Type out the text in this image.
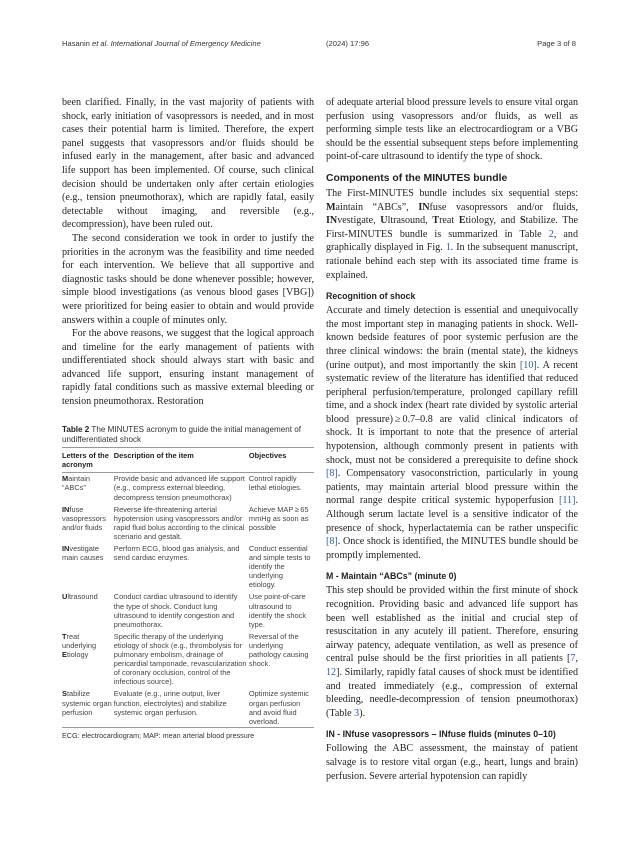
Hasanin et al. International Journal of Emergency Medicine	(2024) 17:96	Page 3 of 8

been clarified. Finally, in the vast majority of patients with shock, early initiation of vasopressors is needed, and in most cases their potential harm is limited. Therefore, the expert panel suggests that vasopressors and/or fluids should be infused early in the management, after basic and advanced life support has been implemented. Of course, such clinical decision should be undertaken only after certain etiologies (e.g., tension pneumothorax), which are rapidly fatal, easily detectable without imaging, and reversible (e.g., decompression), have been ruled out.

The second consideration we took in order to justify the priorities in the acronym was the feasibility and time needed for each intervention. We believe that all supportive and diagnostic tasks should be done whenever possible; however, simple blood investigations (as venous blood gases [VBG]) were prioritized for being easier to obtain and would provide answers within a couple of minutes only.

For the above reasons, we suggest that the logical approach and timeline for the early management of patients with undifferentiated shock should always start with basic and advanced life support, ensuring instant management of rapidly fatal conditions such as massive external bleeding or tension pneumothorax. Restoration

Table 2 The MINUTES acronym to guide the initial management of undifferentiated shock
Letters of the acronym	Description of the item	Objectives
Maintain “ABCs”	Provide basic and advanced life support (e.g., compress external bleeding, decompress tension pneumothorax)	Control rapidly lethal etiologies.
INfuse vasopressors and/or fluids	Reverse life-threatening arterial hypotension using vasopressors and/or rapid fluid bolus according to the clinical scenario and gestalt.	Achieve MAP ≥ 65 mmHg as soon as possible
INvestigate main causes	Perform ECG, blood gas analysis, and send cardiac enzymes.	Conduct essential and simple tests to identify the underlying etiology.
Ultrasound	Conduct cardiac ultrasound to identify the type of shock. Conduct lung ultrasound to identify congestion and pneumothorax.	Use point-of-care ultrasound to identify the shock type.
Treat underlying Etiology	Specific therapy of the underlying etiology of shock (e.g., thrombolysis for pulmonary embolism, drainage of pericardial tamponade, revascularization of coronary occlusion, control of the infectious source).	Reversal of the underlying pathology causing shock.
Stabilize systemic organ perfusion	Evaluate (e.g., urine output, liver function, electrolytes) and stabilize systemic organ perfusion.	Optimize systemic organ perfusion and avoid fluid overload.
ECG: electrocardiogram; MAP: mean arterial blood pressure

of adequate arterial blood pressure levels to ensure vital organ perfusion using vasopressors and/or fluids, as well as performing simple tests like an electrocardiogram or a VBG should be the essential subsequent steps before implementing point-of-care ultrasound to identify the type of shock.

Components of the MINUTES bundle

The First-MINUTES bundle includes six sequential steps: Maintain “ABCs”, INfuse vasopressors and/or fluids, INvestigate, Ultrasound, Treat Etiology, and Stabilize. The First-MINUTES bundle is summarized in Table 2, and graphically displayed in Fig. 1. In the subsequent manuscript, rationale behind each step with its associated time frame is explained.

Recognition of shock

Accurate and timely detection is essential and unequivocally the most important step in managing patients in shock. Well-known bedside features of poor systemic perfusion are the three clinical windows: the brain (mental state), the kidneys (urine output), and most importantly the skin [10]. A recent systematic review of the literature has identified that reduced peripheral perfusion/temperature, prolonged capillary refill time, and a shock index (heart rate divided by systolic arterial blood pressure) ≥ 0.7–0.8 are valid clinical indicators of shock. It is important to note that the presence of arterial hypotension, although commonly present in patients with shock, must not be considered a prerequisite to define shock [8]. Compensatory vasoconstriction, particularly in young patients, may maintain arterial blood pressure within the normal range despite critical systemic hypoperfusion [11]. Although serum lactate level is a sensitive indicator of the presence of shock, hyperlactatemia can be rather unspecific [8]. Once shock is identified, the MINUTES bundle should be promptly implemented.

M - Maintain “ABCs” (minute 0)

This step should be provided within the first minute of shock recognition. Providing basic and advanced life support has been well established as the initial and crucial step of resuscitation in any acutely ill patient. Therefore, ensuring airway patency, adequate ventilation, as well as presence of central pulse should be the first priorities in all patients [7, 12]. Similarly, rapidly fatal causes of shock must be identified and treated immediately (e.g., compression of external bleeding, needle-decompression of tension pneumothorax) (Table 3).

IN - INfuse vasopressors – INfuse fluids (minutes 0–10)

Following the ABC assessment, the mainstay of patient salvage is to restore vital organ (e.g., heart, lungs and brain) perfusion. Severe arterial hypotension can rapidly
